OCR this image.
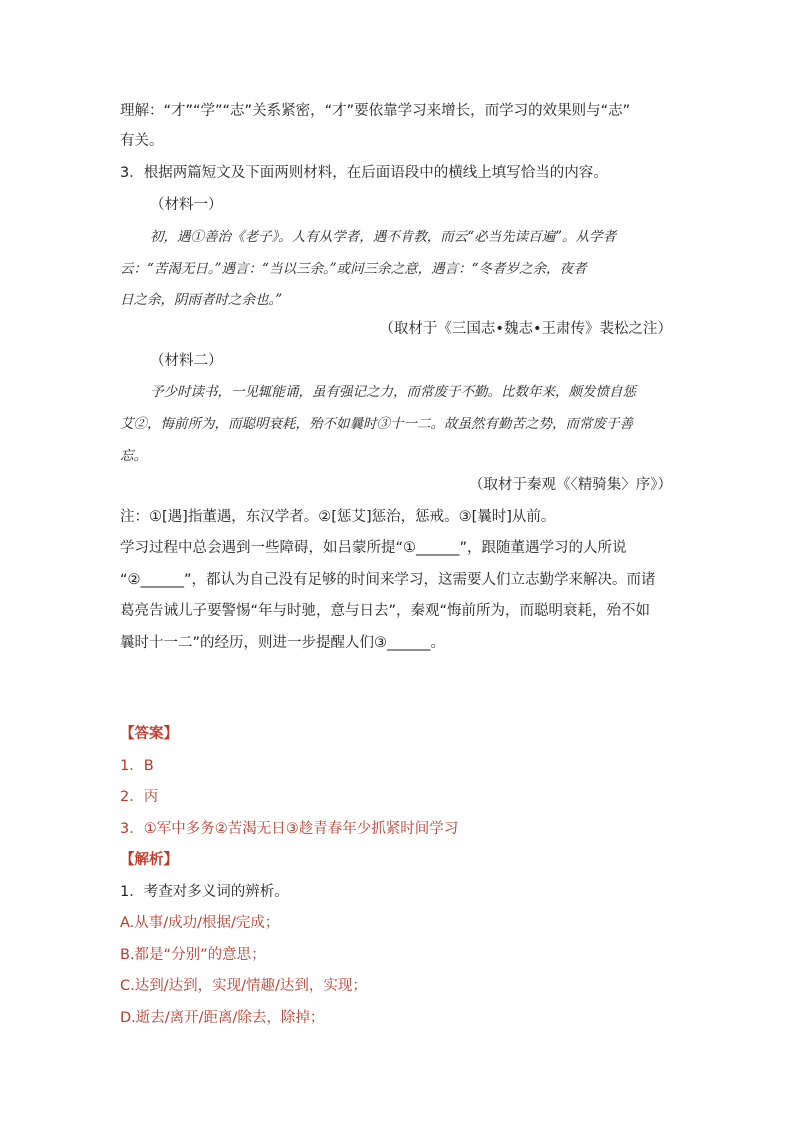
理解：“才”“学”“志”关系紧密，“才”要依靠学习来增长，而学习的效果则与“志”
有关。
3．根据两篇短文及下面两则材料，在后面语段中的横线上填写恰当的内容。
（材料一）
初，遇①善治《老子》。人有从学者，遇不肯教，而云“必当先读百遍”。从学者
云：“苦渴无日。”遇言：“当以三余。”或问三余之意，遇言：“冬者岁之余，夜者
日之余，阴雨者时之余也。”
（取材于《三国志•魏志•王肃传》裴松之注）
（材料二）
予少时读书，一见辄能诵，虽有强记之力，而常废于不勤。比数年来，颇发愤自惩
艾②，悔前所为，而聪明衰耗，殆不如曩时③十一二。故虽然有勤苦之势，而常废于善
忘。
（取材于秦观《〈精骑集〉序》）
注：①[遇]指董遇，东汉学者。②[惩艾]惩治，惩戒。③[曩时]从前。
学习过程中总会遇到一些障碍，如吕蒙所提“①______”，跟随董遇学习的人所说
“②______”，都认为自己没有足够的时间来学习，这需要人们立志勤学来解决。而诸
葛亮告诫儿子要警惕“年与时驰，意与日去”，秦观“悔前所为，而聪明衰耗，殆不如
曩时十一二”的经历，则进一步提醒人们③______。
【答案】
1．B
2．丙
3．①军中多务②苦渴无日③趁青春年少抓紧时间学习
【解析】
1．考查对多义词的辨析。
A.从事/成功/根据/完成；
B.都是“分别”的意思；
C.达到/达到，实现/情趣/达到，实现；
D.逝去/离开/距离/除去，除掉；
